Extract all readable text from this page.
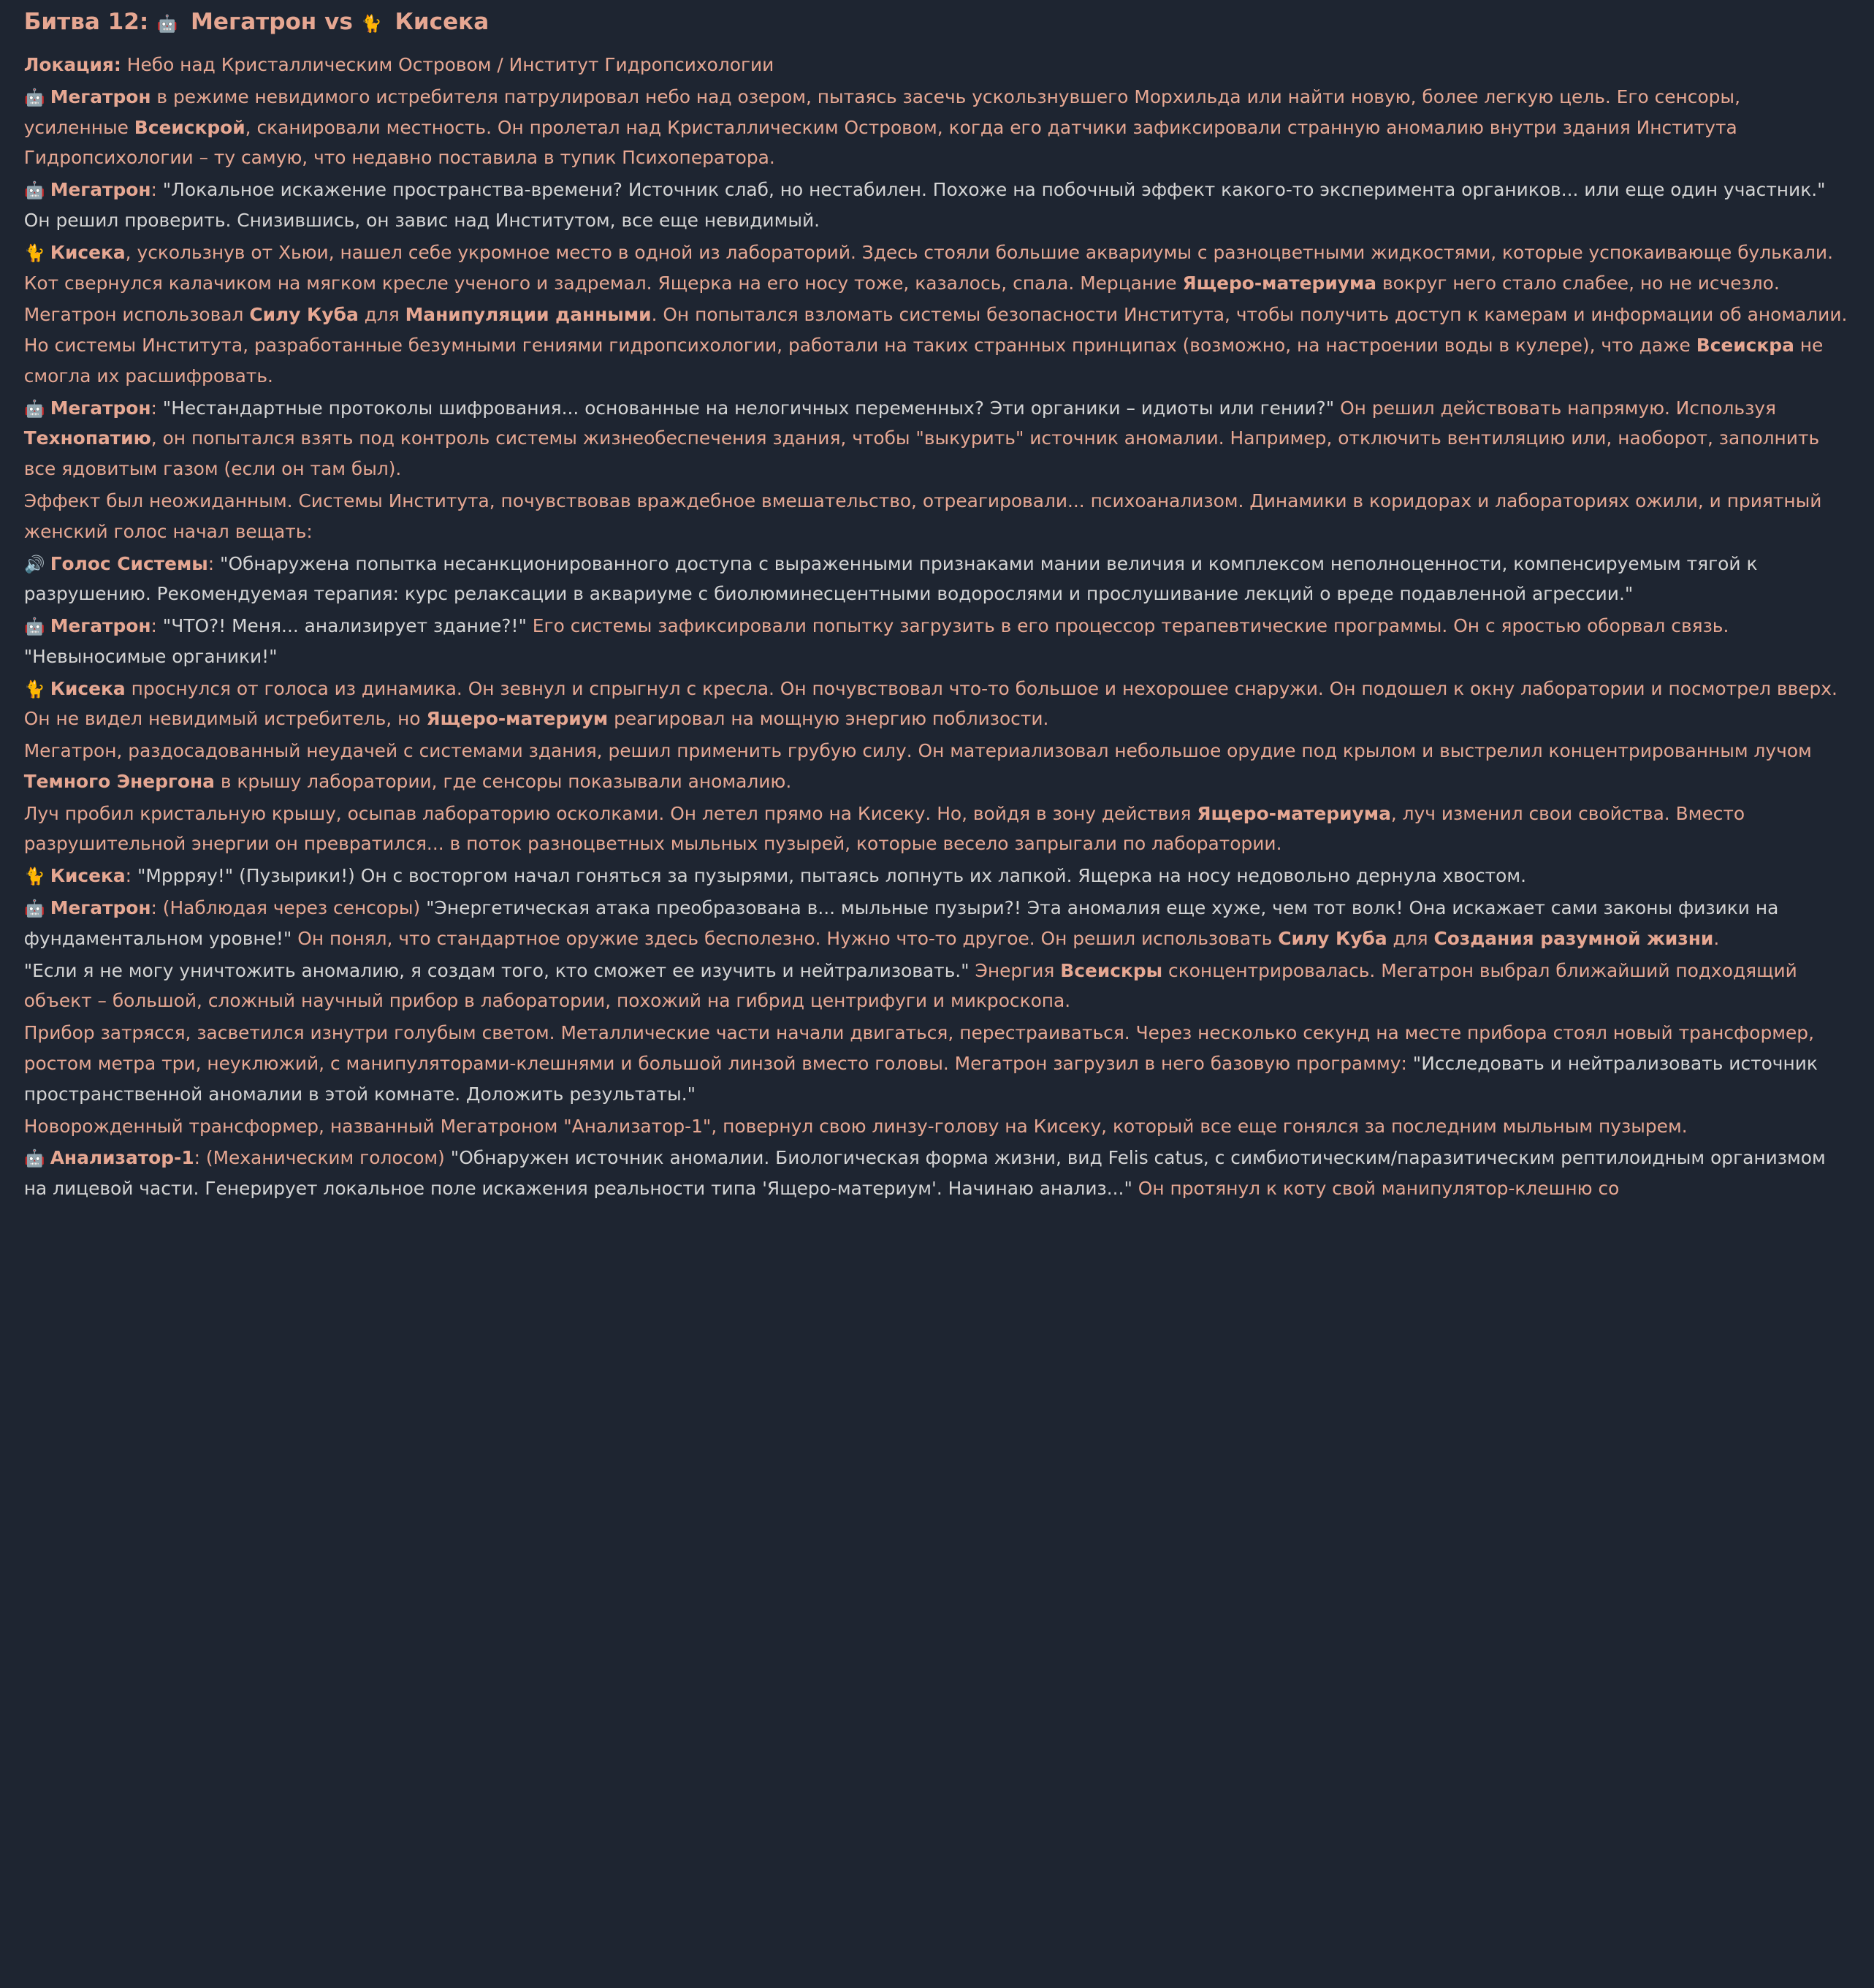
Битва 12: 🤖 Мегатрон vs 🐈 Кисека

Локация: Небо над Кристаллическим Островом / Институт Гидропсихологии

🤖 Мегатрон в режиме невидимого истребителя патрулировал небо над озером, пытаясь засечь ускользнувшего Морхильда или найти новую, более легкую цель. Его сенсоры, усиленные Всеискрой, сканировали местность. Он пролетал над Кристаллическим Островом, когда его датчики зафиксировали странную аномалию внутри здания Института Гидропсихологии – ту самую, что недавно поставила в тупик Психоператора.

🤖 Мегатрон: "Локальное искажение пространства-времени? Источник слаб, но нестабилен. Похоже на побочный эффект какого-то эксперимента органиков... или еще один участник." Он решил проверить. Снизившись, он завис над Институтом, все еще невидимый.

🐈 Кисека, ускользнув от Хьюи, нашел себе укромное место в одной из лабораторий. Здесь стояли большие аквариумы с разноцветными жидкостями, которые успокаивающе булькали. Кот свернулся калачиком на мягком кресле ученого и задремал. Ящерка на его носу тоже, казалось, спала. Мерцание Ящеро-материума вокруг него стало слабее, но не исчезло.

Мегатрон использовал Силу Куба для Манипуляции данными. Он попытался взломать системы безопасности Института, чтобы получить доступ к камерам и информации об аномалии. Но системы Института, разработанные безумными гениями гидропсихологии, работали на таких странных принципах (возможно, на настроении воды в кулере), что даже Всеискра не смогла их расшифровать.

🤖 Мегатрон: "Нестандартные протоколы шифрования... основанные на нелогичных переменных? Эти органики – идиоты или гении?" Он решил действовать напрямую. Используя Технопатию, он попытался взять под контроль системы жизнеобеспечения здания, чтобы "выкурить" источник аномалии. Например, отключить вентиляцию или, наоборот, заполнить все ядовитым газом (если он там был).

Эффект был неожиданным. Системы Института, почувствовав враждебное вмешательство, отреагировали... психоанализом. Динамики в коридорах и лабораториях ожили, и приятный женский голос начал вещать:

🔊 Голос Системы: "Обнаружена попытка несанкционированного доступа с выраженными признаками мании величия и комплексом неполноценности, компенсируемым тягой к разрушению. Рекомендуемая терапия: курс релаксации в аквариуме с биолюминесцентными водорослями и прослушивание лекций о вреде подавленной агрессии."

🤖 Мегатрон: "ЧТО?! Меня... анализирует здание?!" Его системы зафиксировали попытку загрузить в его процессор терапевтические программы. Он с яростью оборвал связь. "Невыносимые органики!"

🐈 Кисека проснулся от голоса из динамика. Он зевнул и спрыгнул с кресла. Он почувствовал что-то большое и нехорошее снаружи. Он подошел к окну лаборатории и посмотрел вверх. Он не видел невидимый истребитель, но Ящеро-материум реагировал на мощную энергию поблизости.

Мегатрон, раздосадованный неудачей с системами здания, решил применить грубую силу. Он материализовал небольшое орудие под крылом и выстрелил концентрированным лучом Темного Энергона в крышу лаборатории, где сенсоры показывали аномалию.

Луч пробил кристальную крышу, осыпав лабораторию осколками. Он летел прямо на Кисеку. Но, войдя в зону действия Ящеро-материума, луч изменил свои свойства. Вместо разрушительной энергии он превратился... в поток разноцветных мыльных пузырей, которые весело запрыгали по лаборатории.

🐈 Кисека: "Мррряу!" (Пузырики!) Он с восторгом начал гоняться за пузырями, пытаясь лопнуть их лапкой. Ящерка на носу недовольно дернула хвостом.

🤖 Мегатрон: (Наблюдая через сенсоры) "Энергетическая атака преобразована в... мыльные пузыри?! Эта аномалия еще хуже, чем тот волк! Она искажает сами законы физики на фундаментальном уровне!" Он понял, что стандартное оружие здесь бесполезно. Нужно что-то другое. Он решил использовать Силу Куба для Создания разумной жизни.

"Если я не могу уничтожить аномалию, я создам того, кто сможет ее изучить и нейтрализовать." Энергия Всеискры сконцентрировалась. Мегатрон выбрал ближайший подходящий объект – большой, сложный научный прибор в лаборатории, похожий на гибрид центрифуги и микроскопа.

Прибор затрясся, засветился изнутри голубым светом. Металлические части начали двигаться, перестраиваться. Через несколько секунд на месте прибора стоял новый трансформер, ростом метра три, неуклюжий, с манипуляторами-клешнями и большой линзой вместо головы. Мегатрон загрузил в него базовую программу: "Исследовать и нейтрализовать источник пространственной аномалии в этой комнате. Доложить результаты."

Новорожденный трансформер, названный Мегатроном "Анализатор-1", повернул свою линзу-голову на Кисеку, который все еще гонялся за последним мыльным пузырем.

🤖 Анализатор-1: (Механическим голосом) "Обнаружен источник аномалии. Биологическая форма жизни, вид Felis catus, с симбиотическим/паразитическим рептилоидным организмом на лицевой части. Генерирует локальное поле искажения реальности типа 'Ящеро-материум'. Начинаю анализ..." Он протянул к коту свой манипулятор-клешню со
